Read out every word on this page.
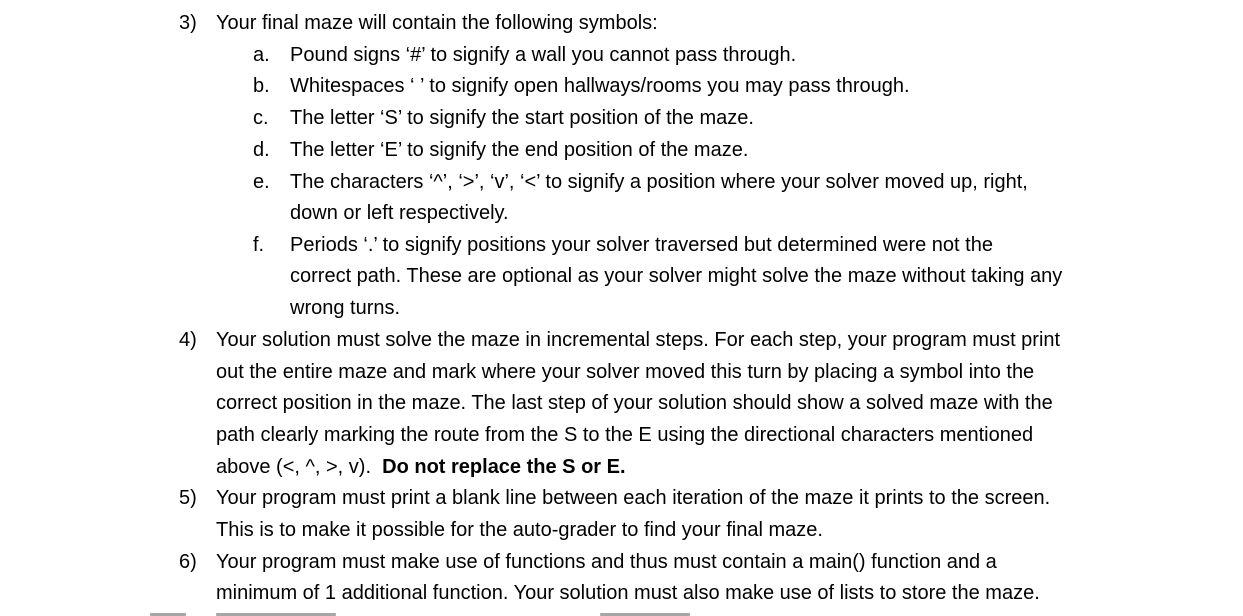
3) Your final maze will contain the following symbols:
a. Pound signs ‘#’ to signify a wall you cannot pass through.
b. Whitespaces ‘ ’ to signify open hallways/rooms you may pass through.
c. The letter ‘S’ to signify the start position of the maze.
d. The letter ‘E’ to signify the end position of the maze.
e. The characters ‘^’, ‘>’, ‘v’, ‘<’ to signify a position where your solver moved up, right,
down or left respectively.
f. Periods ‘.’ to signify positions your solver traversed but determined were not the
correct path. These are optional as your solver might solve the maze without taking any
wrong turns.
4) Your solution must solve the maze in incremental steps. For each step, your program must print
out the entire maze and mark where your solver moved this turn by placing a symbol into the
correct position in the maze. The last step of your solution should show a solved maze with the
path clearly marking the route from the S to the E using the directional characters mentioned
above (<, ^, >, v). Do not replace the S or E.
5) Your program must print a blank line between each iteration of the maze it prints to the screen.
This is to make it possible for the auto-grader to find your final maze.
6) Your program must make use of functions and thus must contain a main() function and a
minimum of 1 additional function. Your solution must also make use of lists to store the maze.
